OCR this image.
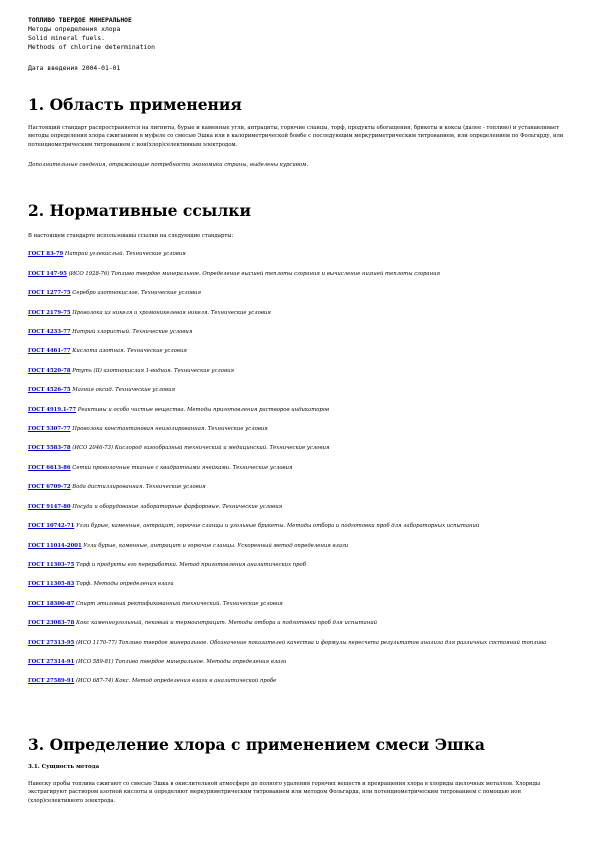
ТОПЛИВО ТВЕРДОЕ МИНЕРАЛЬНОЕ
Методы определения хлора
Solid mineral fuels.
Methods of chlorine determination
Дата введения 2004-01-01
1. Область применения
Настоящий стандарт распространяется на лигниты, бурые и каменные угли, антрациты, горючие сланцы, торф, продукты обогащения, брикеты и коксы (далее - топливо) и устанавливает методы определения хлора сжиганием в муфеле со смесью Эшка или в калориметрической бомбе с последующим меркуриметрическим титрованием, или определением по Фольгарду, или потенциометрическим титрованием с ион(хлор)селективным электродом.
Дополнительные сведения, отражающие потребности экономики страны, выделены курсивом.
2. Нормативные ссылки
В настоящем стандарте использованы ссылки на следующие стандарты:
ГОСТ 83-79 Натрий углекислый. Технические условия
ГОСТ 147-95 (ИСО 1928-76) Топливо твердое минеральное. Определение высшей теплоты сгорания и вычисление низшей теплоты сгорания
ГОСТ 1277-75 Серебро азотнокислое. Технические условия
ГОСТ 2179-75 Проволока из никеля и хромоникелевая никеля. Технические условия
ГОСТ 4233-77 Натрий хлористый. Технические условия
ГОСТ 4461-77 Кислота азотная. Технические условия
ГОСТ 4520-78 Ртуть (II) азотнокислая 1-водная. Технические условия
ГОСТ 4526-75 Магния оксид. Технические условия
ГОСТ 4919.1-77 Реактивы и особо чистые вещества. Методы приготовления растворов индикаторов
ГОСТ 5307-77 Проволока константановая неизолированная. Технические условия
ГОСТ 5583-78 (ИСО 2046-73) Кислород газообразный технический и медицинский. Технические условия
ГОСТ 6613-86 Сетки проволочные тканые с квадратными ячейками. Технические условия
ГОСТ 6709-72 Вода дистиллированная. Технические условия
ГОСТ 9147-80 Посуда и оборудование лабораторные фарфоровые. Технические условия
ГОСТ 10742-71 Угли бурые, каменные, антрацит, горючие сланцы и угольные брикеты. Методы отбора и подготовки проб для лабораторных испытаний
ГОСТ 11014-2001 Угли бурые, каменные, антрацит и горючие сланцы. Ускоренный метод определения влаги
ГОСТ 11303-75 Торф и продукты его переработки. Метод приготовления аналитических проб
ГОСТ 11305-83 Торф. Методы определения влаги
ГОСТ 18300-87 Спирт этиловый ректификованный технический. Технические условия
ГОСТ 23083-78 Кокс каменноугольный, пековый и термоантрацит. Методы отбора и подготовки проб для испытаний
ГОСТ 27313-95 (ИСО 1170-77) Топливо твердое минеральное. Обозначение показателей качества и формулы пересчета результатов анализа для различных состояний топлива
ГОСТ 27314-91 (ИСО 589-81) Топливо твердое минеральное. Методы определения влаги
ГОСТ 27589-91 (ИСО 687-74) Кокс. Метод определения влаги в аналитической пробе
3. Определение хлора с применением смеси Эшка
3.1. Сущность метода
Навеску пробы топлива сжигают со смесью Эшка в окислительной атмосфере до полного удаления горючих веществ и превращения хлора в хлориды щелочных металлов. Хлориды экстрагируют раствором азотной кислоты и определяют меркуриметрическим титрованием или методом Фольгарда, или потенциометрическим титрованием с помощью ион (хлор)селективного электрода.
